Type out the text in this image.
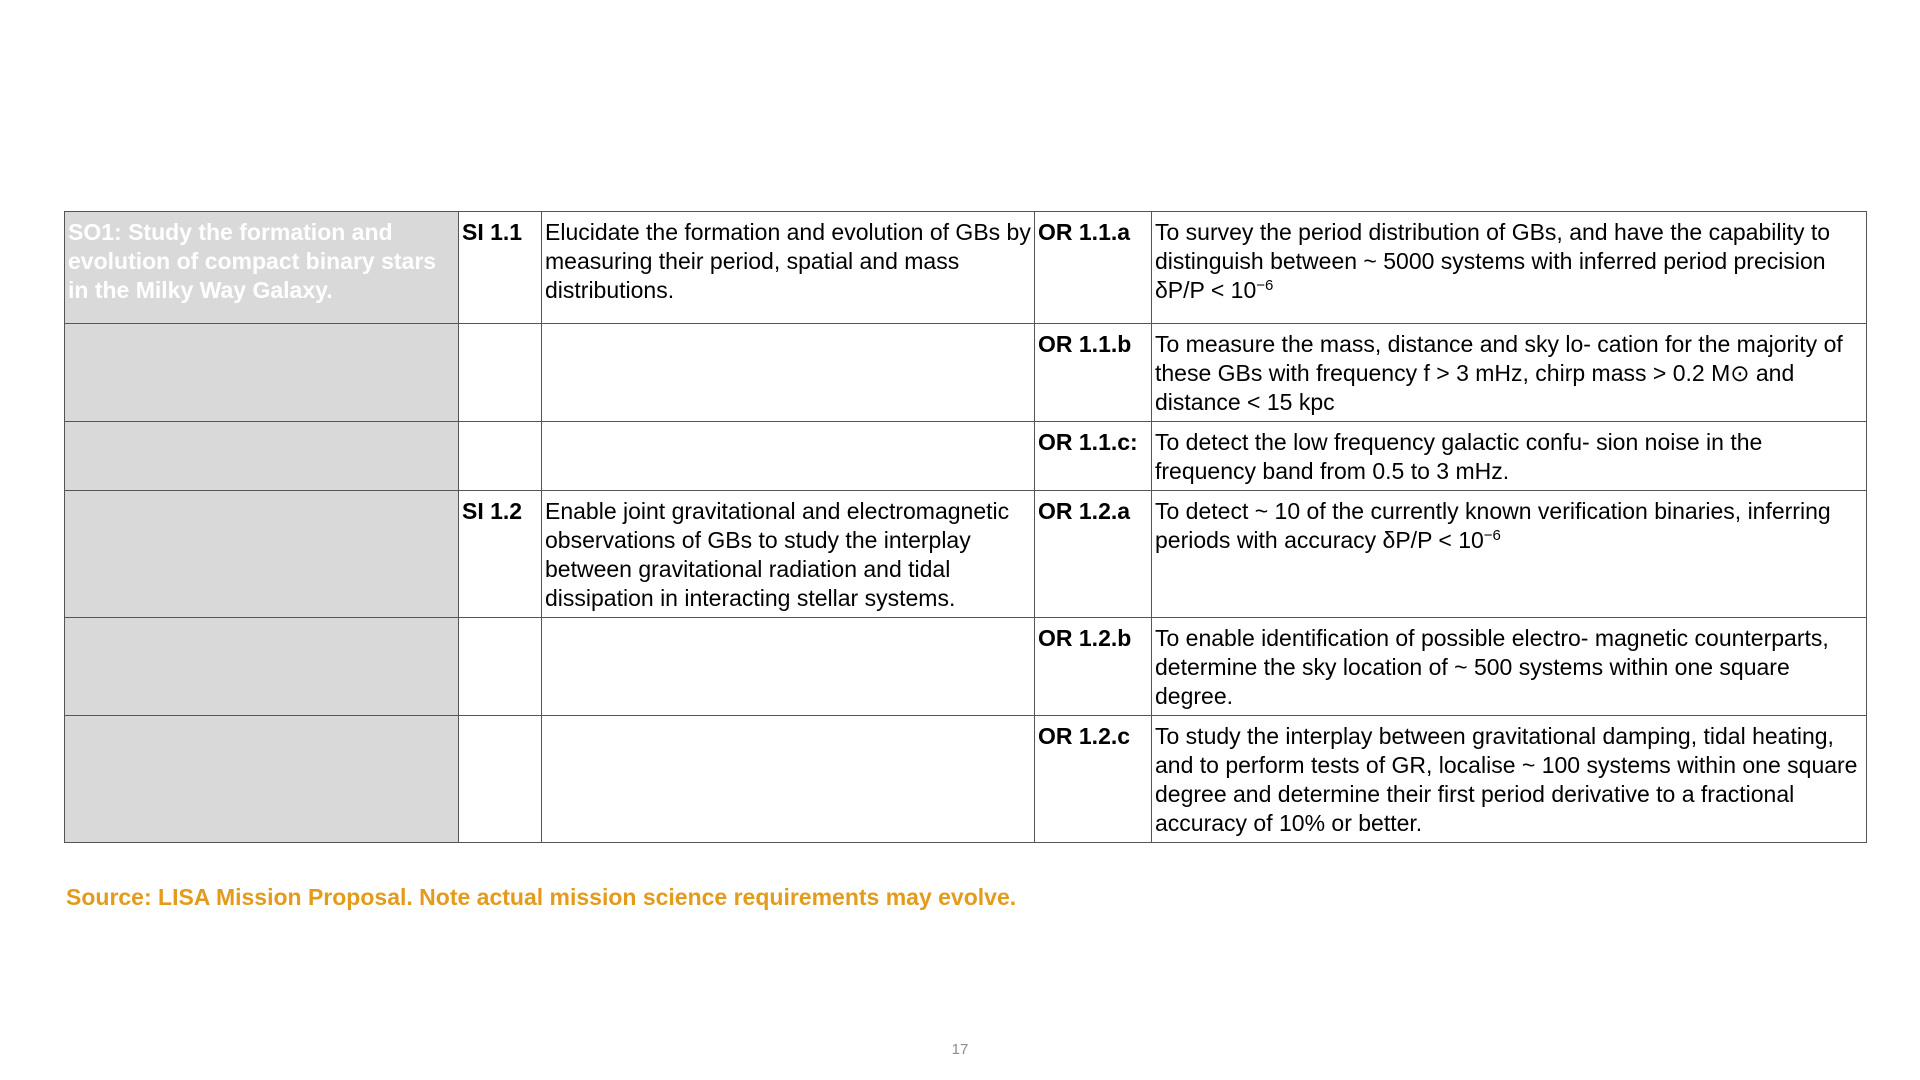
SO1: Study the formation and evolution of compact binary stars in the Milky Way Galaxy.	SI 1.1	Elucidate the formation and evolution of GBs by measuring their period, spatial and mass distributions.	OR 1.1.a	To survey the period distribution of GBs, and have the capability to distinguish between ~ 5000 systems with inferred period precision $\delta P/P < 10^{-6}$
			OR 1.1.b	To measure the mass, distance and sky lo- cation for the majority of these GBs with frequency f > 3 mHz, chirp mass > 0.2 M⊙ and distance < 15 kpc
			OR 1.1.c:	To detect the low frequency galactic confu- sion noise in the frequency band from 0.5 to 3 mHz.
	SI 1.2	Enable joint gravitational and electromagnetic observations of GBs to study the interplay between gravitational radiation and tidal dissipation in interacting stellar systems.	OR 1.2.a	To detect ~ 10 of the currently known verification binaries, inferring periods with accuracy $\delta P/P < 10^{-6}$
			OR 1.2.b	To enable identification of possible electro- magnetic counterparts, determine the sky location of ~ 500 systems within one square degree.
			OR 1.2.c	To study the interplay between gravitational damping, tidal heating, and to perform tests of GR, localise ~ 100 systems within one square degree and determine their first period derivative to a fractional accuracy of 10% or better.
Source: LISA Mission Proposal. Note actual mission science requirements may evolve.
17
